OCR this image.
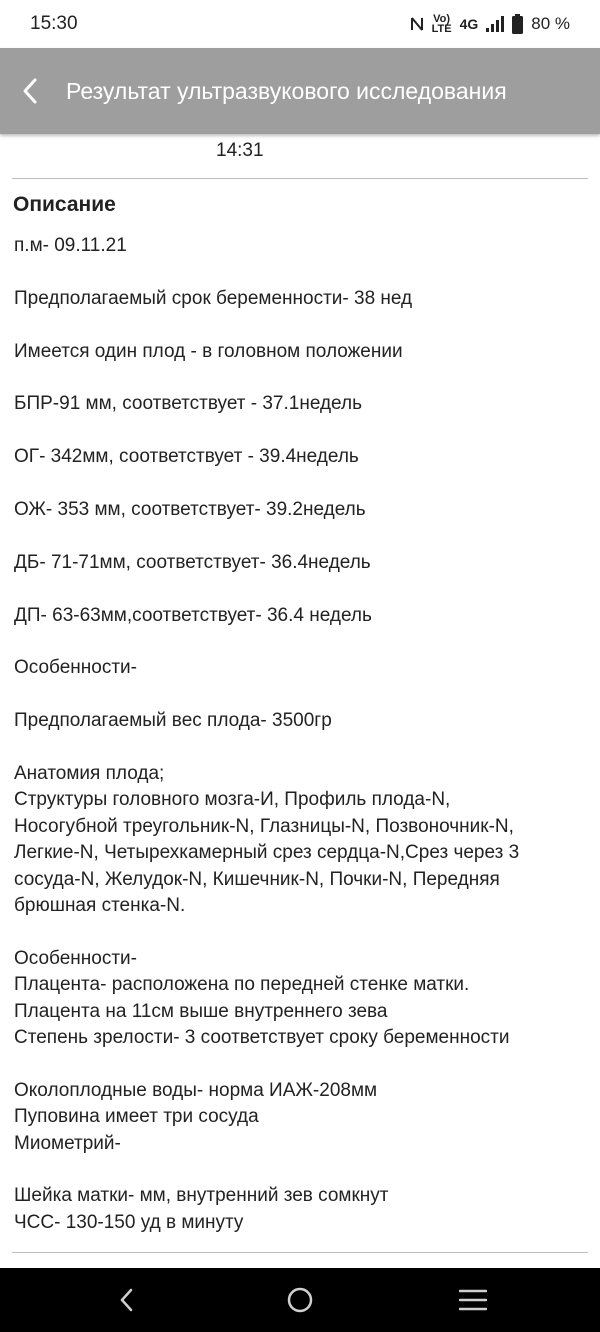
15:30	Vo)
LTE 4G	80 %
Результат ультразвукового исследования
14:31
Описание

п.м- 09.11.21

Предполагаемый срок беременности- 38 нед

Имеется один плод - в головном положении

БПР-91 мм, соответствует - 37.1недель

ОГ- 342мм, соответствует - 39.4недель

ОЖ- 353 мм, соответствует- 39.2недель

ДБ- 71-71мм, соответствует- 36.4недель

ДП- 63-63мм,соответствует- 36.4 недель

Особенности-

Предполагаемый вес плода- 3500гр

Анатомия плода;

Структуры головного мозга-И, Профиль плода-N,

Носогубной треугольник-N, Глазницы-N, Позвоночник-N,

Легкие-N, Четырехкамерный срез сердца-N,Срез через 3

сосуда-N, Желудок-N, Кишечник-N, Почки-N, Передняя

брюшная стенка-N.

Особенности-

Плацента- расположена по передней стенке матки.

Плацента на 11см выше внутреннего зева

Степень зрелости- 3 соответствует сроку беременности

Околоплодные воды- норма ИАЖ-208мм

Пуповина имеет три сосуда

Миометрий-

Шейка матки- мм, внутренний зев сомкнут

ЧСС- 130-150 уд в минуту
